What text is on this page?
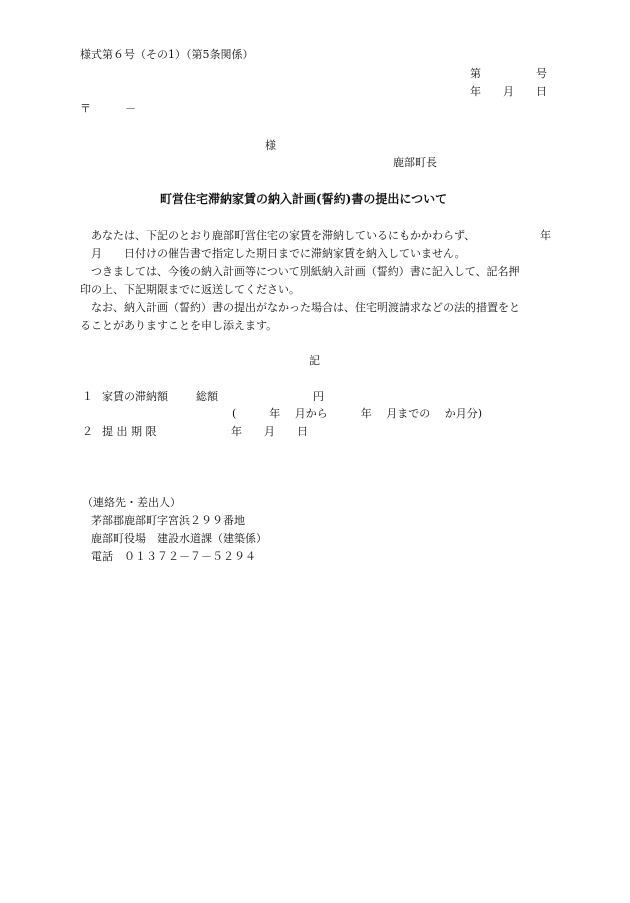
様式第６号（その1）（第5条関係）
第　　　　　号
年　　月　　日
〒	－
様
鹿部町長
町営住宅滞納家賃の納入計画(誓約)書の提出について
あなたは、下記のとおり鹿部町営住宅の家賃を滞納しているにもかかわらず、	年
月　　日付けの催告書で指定した期日までに滞納家賃を納入していません。
つきましては、今後の納入計画等について別紙納入計画（誓約）書に記入して、記名押
印の上、下記期限までに返送してください。
なお、納入計画（誓約）書の提出がなかった場合は、住宅明渡請求などの法的措置をと
ることがありますことを申し添えます。
記
１ 家賃の滞納額	総額	円
(　　　年　 月から　　　年　 月までの　 か月分)
２ 提 出 期 限	年　　月　　日
（連絡先・差出人）
茅部郡鹿部町字宮浜２９９番地
鹿部町役場　建設水道課（建築係）
電話　０１３７２－７－５２９４
